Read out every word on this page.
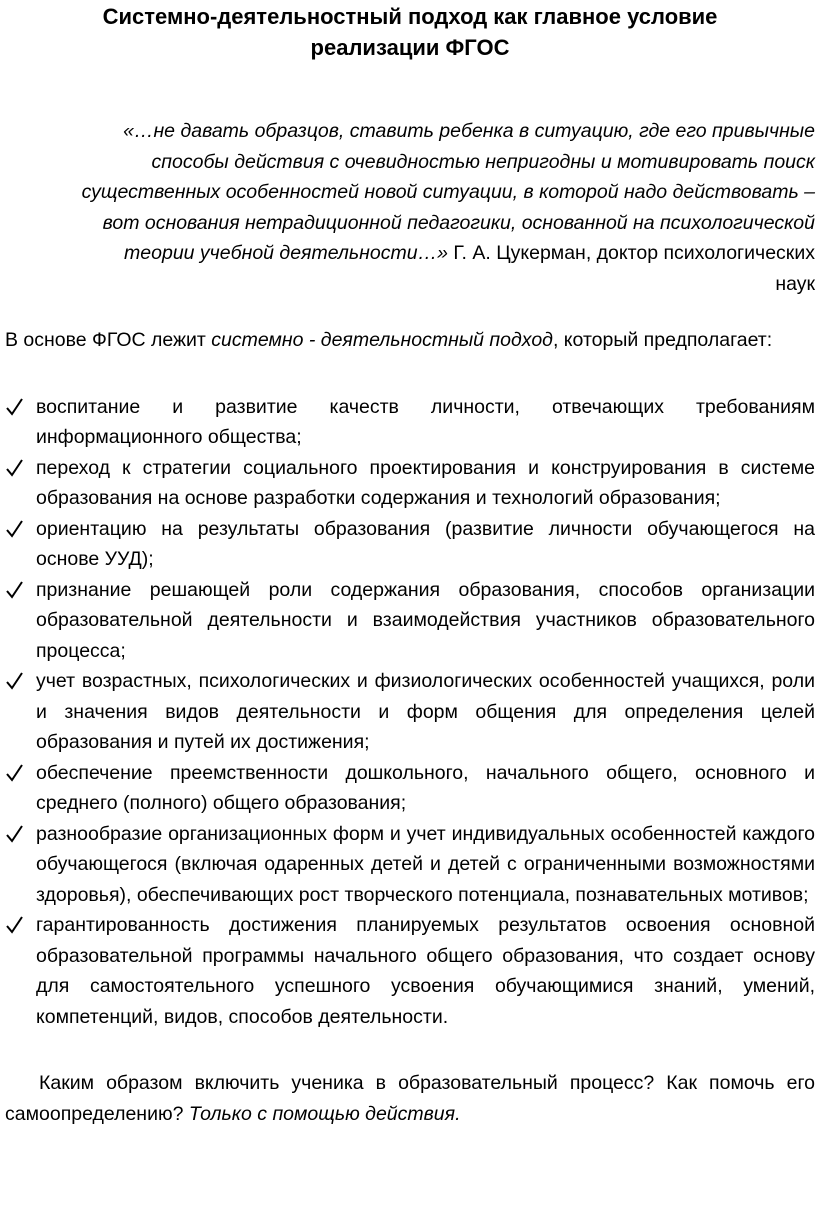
Системно-деятельностный подход как главное условие
реализации ФГОС
«…не давать образцов, ставить ребенка в ситуацию, где его привычные
способы действия с очевидностью непригодны и мотивировать поиск
существенных особенностей новой ситуации, в которой надо действовать –
вот основания нетрадиционной педагогики, основанной на психологической
теории учебной деятельности…» Г. А. Цукерман, доктор психологических
наук

В основе ФГОС лежит системно - деятельностный подход, который предполагает:

воспитание и развитие качеств личности, отвечающих требованиям информационного общества;
переход к стратегии социального проектирования и конструирования в системе образования на основе разработки содержания и технологий образования;
ориентацию на результаты образования (развитие личности обучающегося на основе УУД);
признание решающей роли содержания образования, способов организации образовательной деятельности и взаимодействия участников образовательного процесса;
учет возрастных, психологических и физиологических особенностей учащихся, роли и значения видов деятельности и форм общения для определения целей образования и путей их достижения;
обеспечение преемственности дошкольного, начального общего, основного и среднего (полного) общего образования;
разнообразие организационных форм и учет индивидуальных особенностей каждого обучающегося (включая одаренных детей и детей с ограниченными возможностями здоровья), обеспечивающих рост творческого потенциала, познавательных мотивов;
гарантированность достижения планируемых результатов освоения основной образовательной программы начального общего образования, что создает основу для самостоятельного успешного усвоения обучающимися знаний, умений, компетенций, видов, способов деятельности.

Каким образом включить ученика в образовательный процесс? Как помочь его самоопределению? Только с помощью действия.
